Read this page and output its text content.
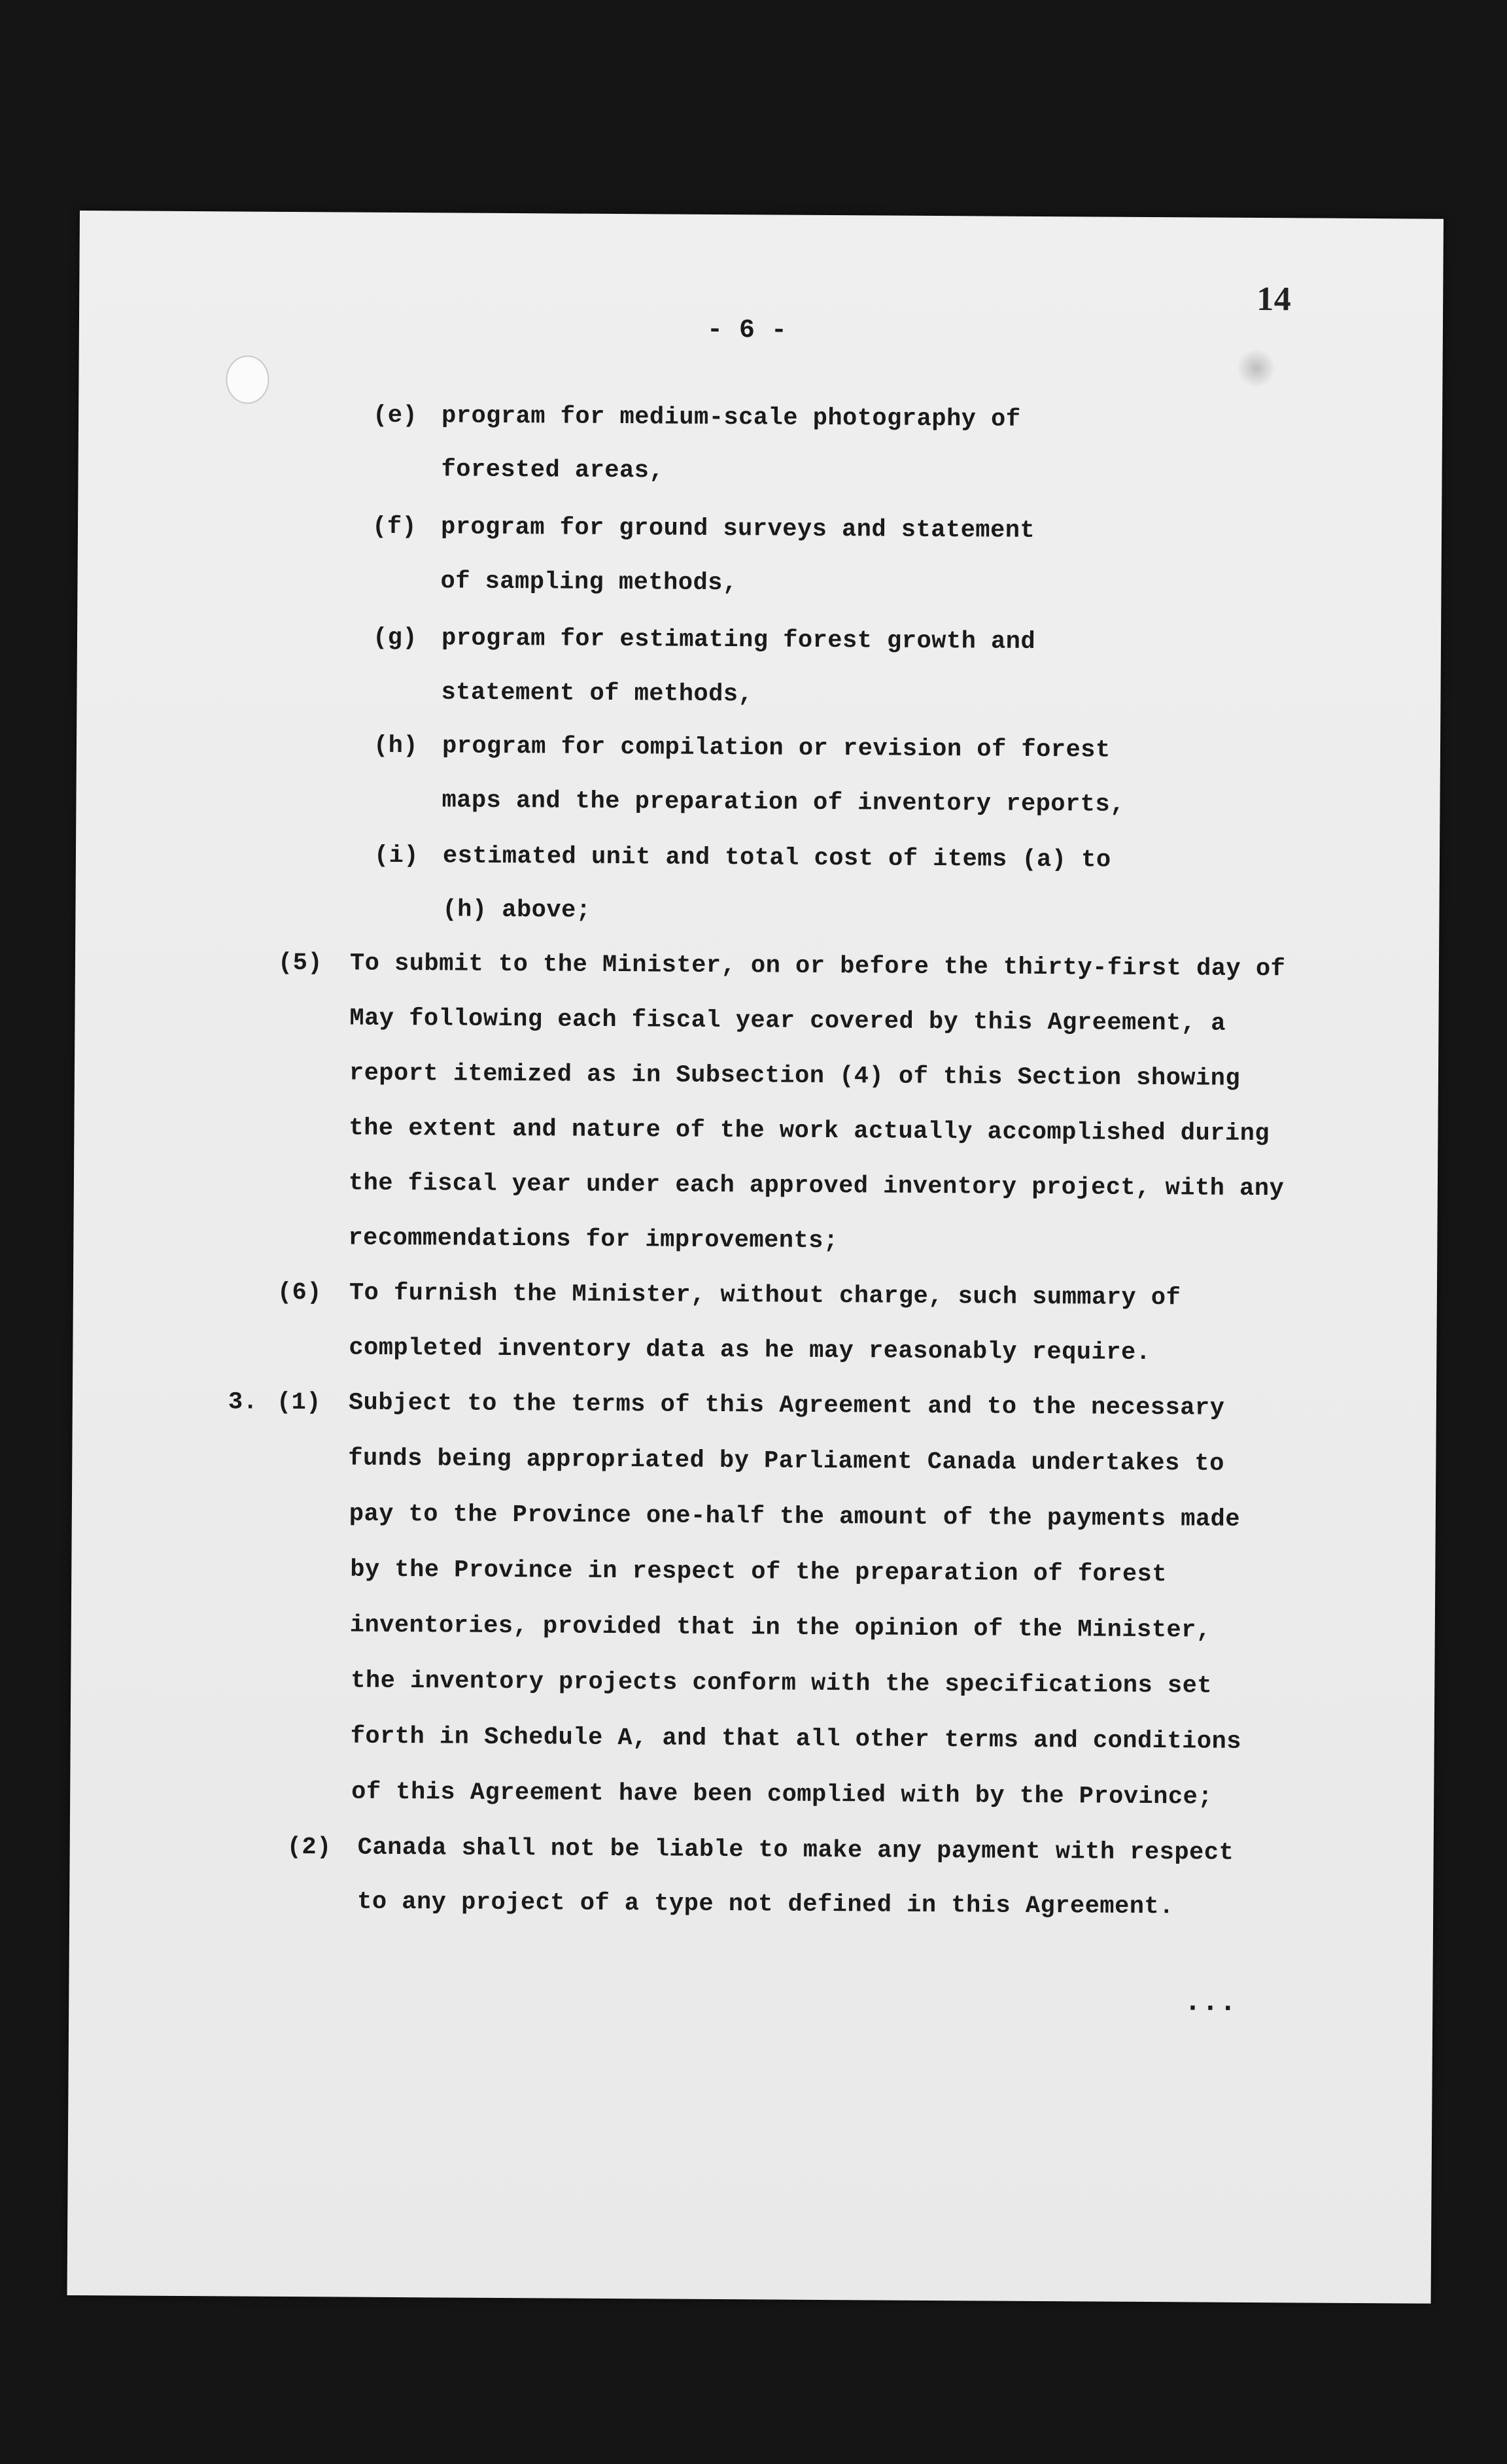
14
- 6 -
(e) program for medium-scale photography of
forested areas,
(f) program for ground surveys and statement
of sampling methods,
(g) program for estimating forest growth and
statement of methods,
(h) program for compilation or revision of forest
maps and the preparation of inventory reports,
(i) estimated unit and total cost of items (a) to
(h) above;
(5) To submit to the Minister, on or before the thirty-first day of
May following each fiscal year covered by this Agreement, a
report itemized as in Subsection (4) of this Section showing
the extent and nature of the work actually accomplished during
the fiscal year under each approved inventory project, with any
recommendations for improvements;
(6) To furnish the Minister, without charge, such summary of
completed inventory data as he may reasonably require.
3. (1) Subject to the terms of this Agreement and to the necessary
funds being appropriated by Parliament Canada undertakes to
pay to the Province one-half the amount of the payments made
by the Province in respect of the preparation of forest
inventories, provided that in the opinion of the Minister,
the inventory projects conform with the specifications set
forth in Schedule A, and that all other terms and conditions
of this Agreement have been complied with by the Province;
(2) Canada shall not be liable to make any payment with respect
to any project of a type not defined in this Agreement.
...
